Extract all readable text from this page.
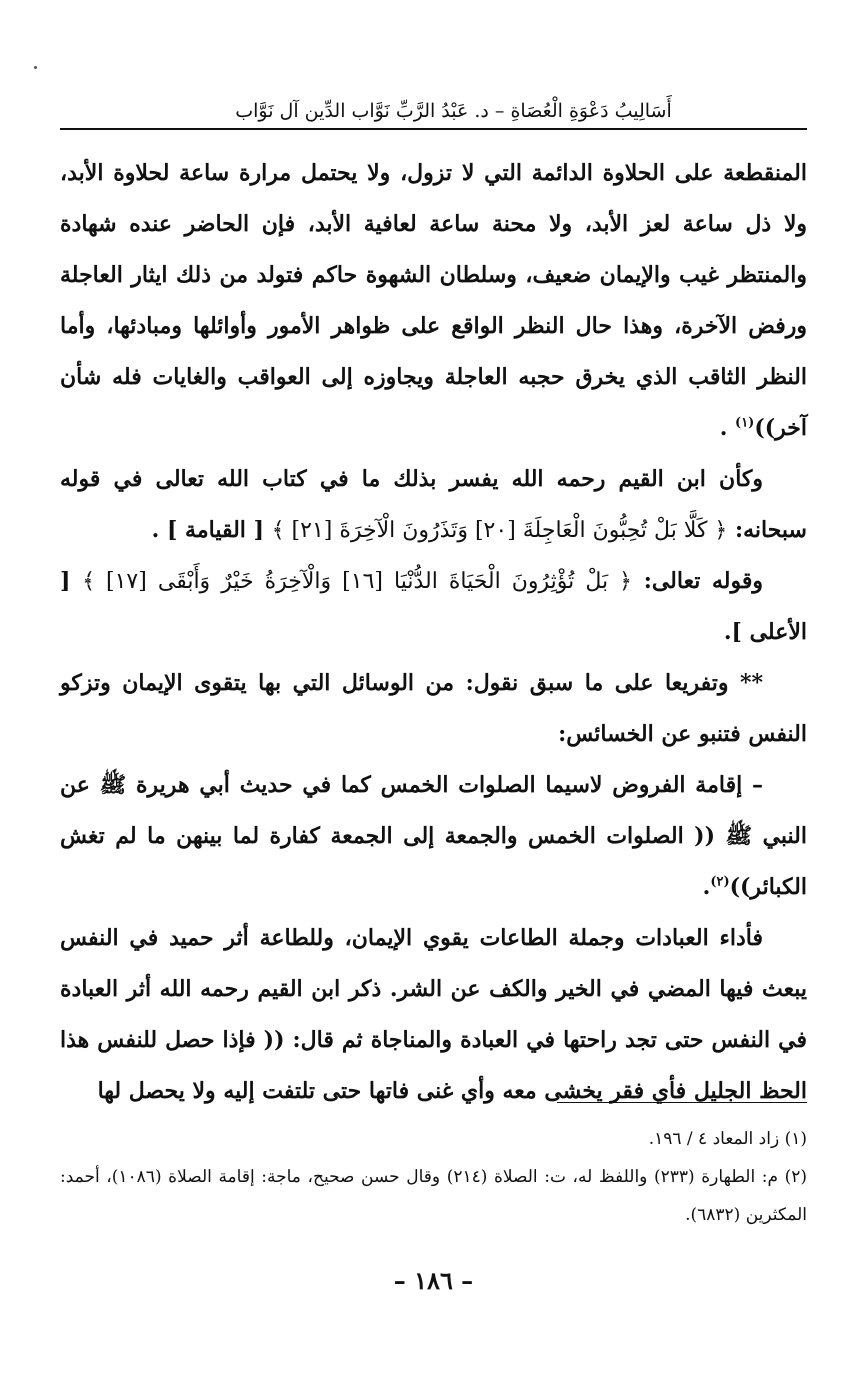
أَسَالِيبُ دَعْوَةِ الْعُصَاةِ – د. عَبْدُ الرَّبِّ نَوَّاب الدِّين آل نَوَّاب

المنقطعة على الحلاوة الدائمة التي لا تزول، ولا يحتمل مرارة ساعة لحلاوة الأبد، ولا ذل ساعة لعز الأبد، ولا محنة ساعة لعافية الأبد، فإن الحاضر عنده شهادة والمنتظر غيب والإيمان ضعيف، وسلطان الشهوة حاكم فتولد من ذلك ايثار العاجلة ورفض الآخرة، وهذا حال النظر الواقع على ظواهر الأمور وأوائلها ومبادئها، وأما النظر الثاقب الذي يخرق حجبه العاجلة ويجاوزه إلى العواقب والغايات فله شأن آخر))$^{(١)}$ .

وكأن ابن القيم رحمه الله يفسر بذلك ما في كتاب الله تعالى في قوله سبحانه: ﴿ كَلَّا بَلْ تُحِبُّونَ الْعَاجِلَةَ [٢٠] وَتَذَرُونَ الْآخِرَةَ [٢١] ﴾ [ القيامة ] .

وقوله تعالى: ﴿ بَلْ تُؤْثِرُونَ الْحَيَاةَ الدُّنْيَا [١٦] وَالْآخِرَةُ خَيْرٌ وَأَبْقَى [١٧] ﴾ [ الأعلى ].

** وتفريعا على ما سبق نقول: من الوسائل التي بها يتقوى الإيمان وتزكو النفس فتنبو عن الخسائس:

– إقامة الفروض لاسيما الصلوات الخمس كما في حديث أبي هريرة ﷺ عن النبي ﷺ (( الصلوات الخمس والجمعة إلى الجمعة كفارة لما بينهن ما لم تغش الكبائر))$^{(٢)}$.

فأداء العبادات وجملة الطاعات يقوي الإيمان، وللطاعة أثر حميد في النفس يبعث فيها المضي في الخير والكف عن الشر. ذكر ابن القيم رحمه الله أثر العبادة في النفس حتى تجد راحتها في العبادة والمناجاة ثم قال: (( فإذا حصل للنفس هذا الحظ الجليل فأي فقر يخشى معه وأي غنى فاتها حتى تلتفت إليه ولا يحصل لها

(١) زاد المعاد ٤ / ١٩٦.

(٢) م: الطهارة (٢٣٣) واللفظ له، ت: الصلاة (٢١٤) وقال حسن صحيح، ماجة: إقامة الصلاة (١٠٨٦)، أحمد: المكثرين (٦٨٣٢).

– ١٨٦ –
